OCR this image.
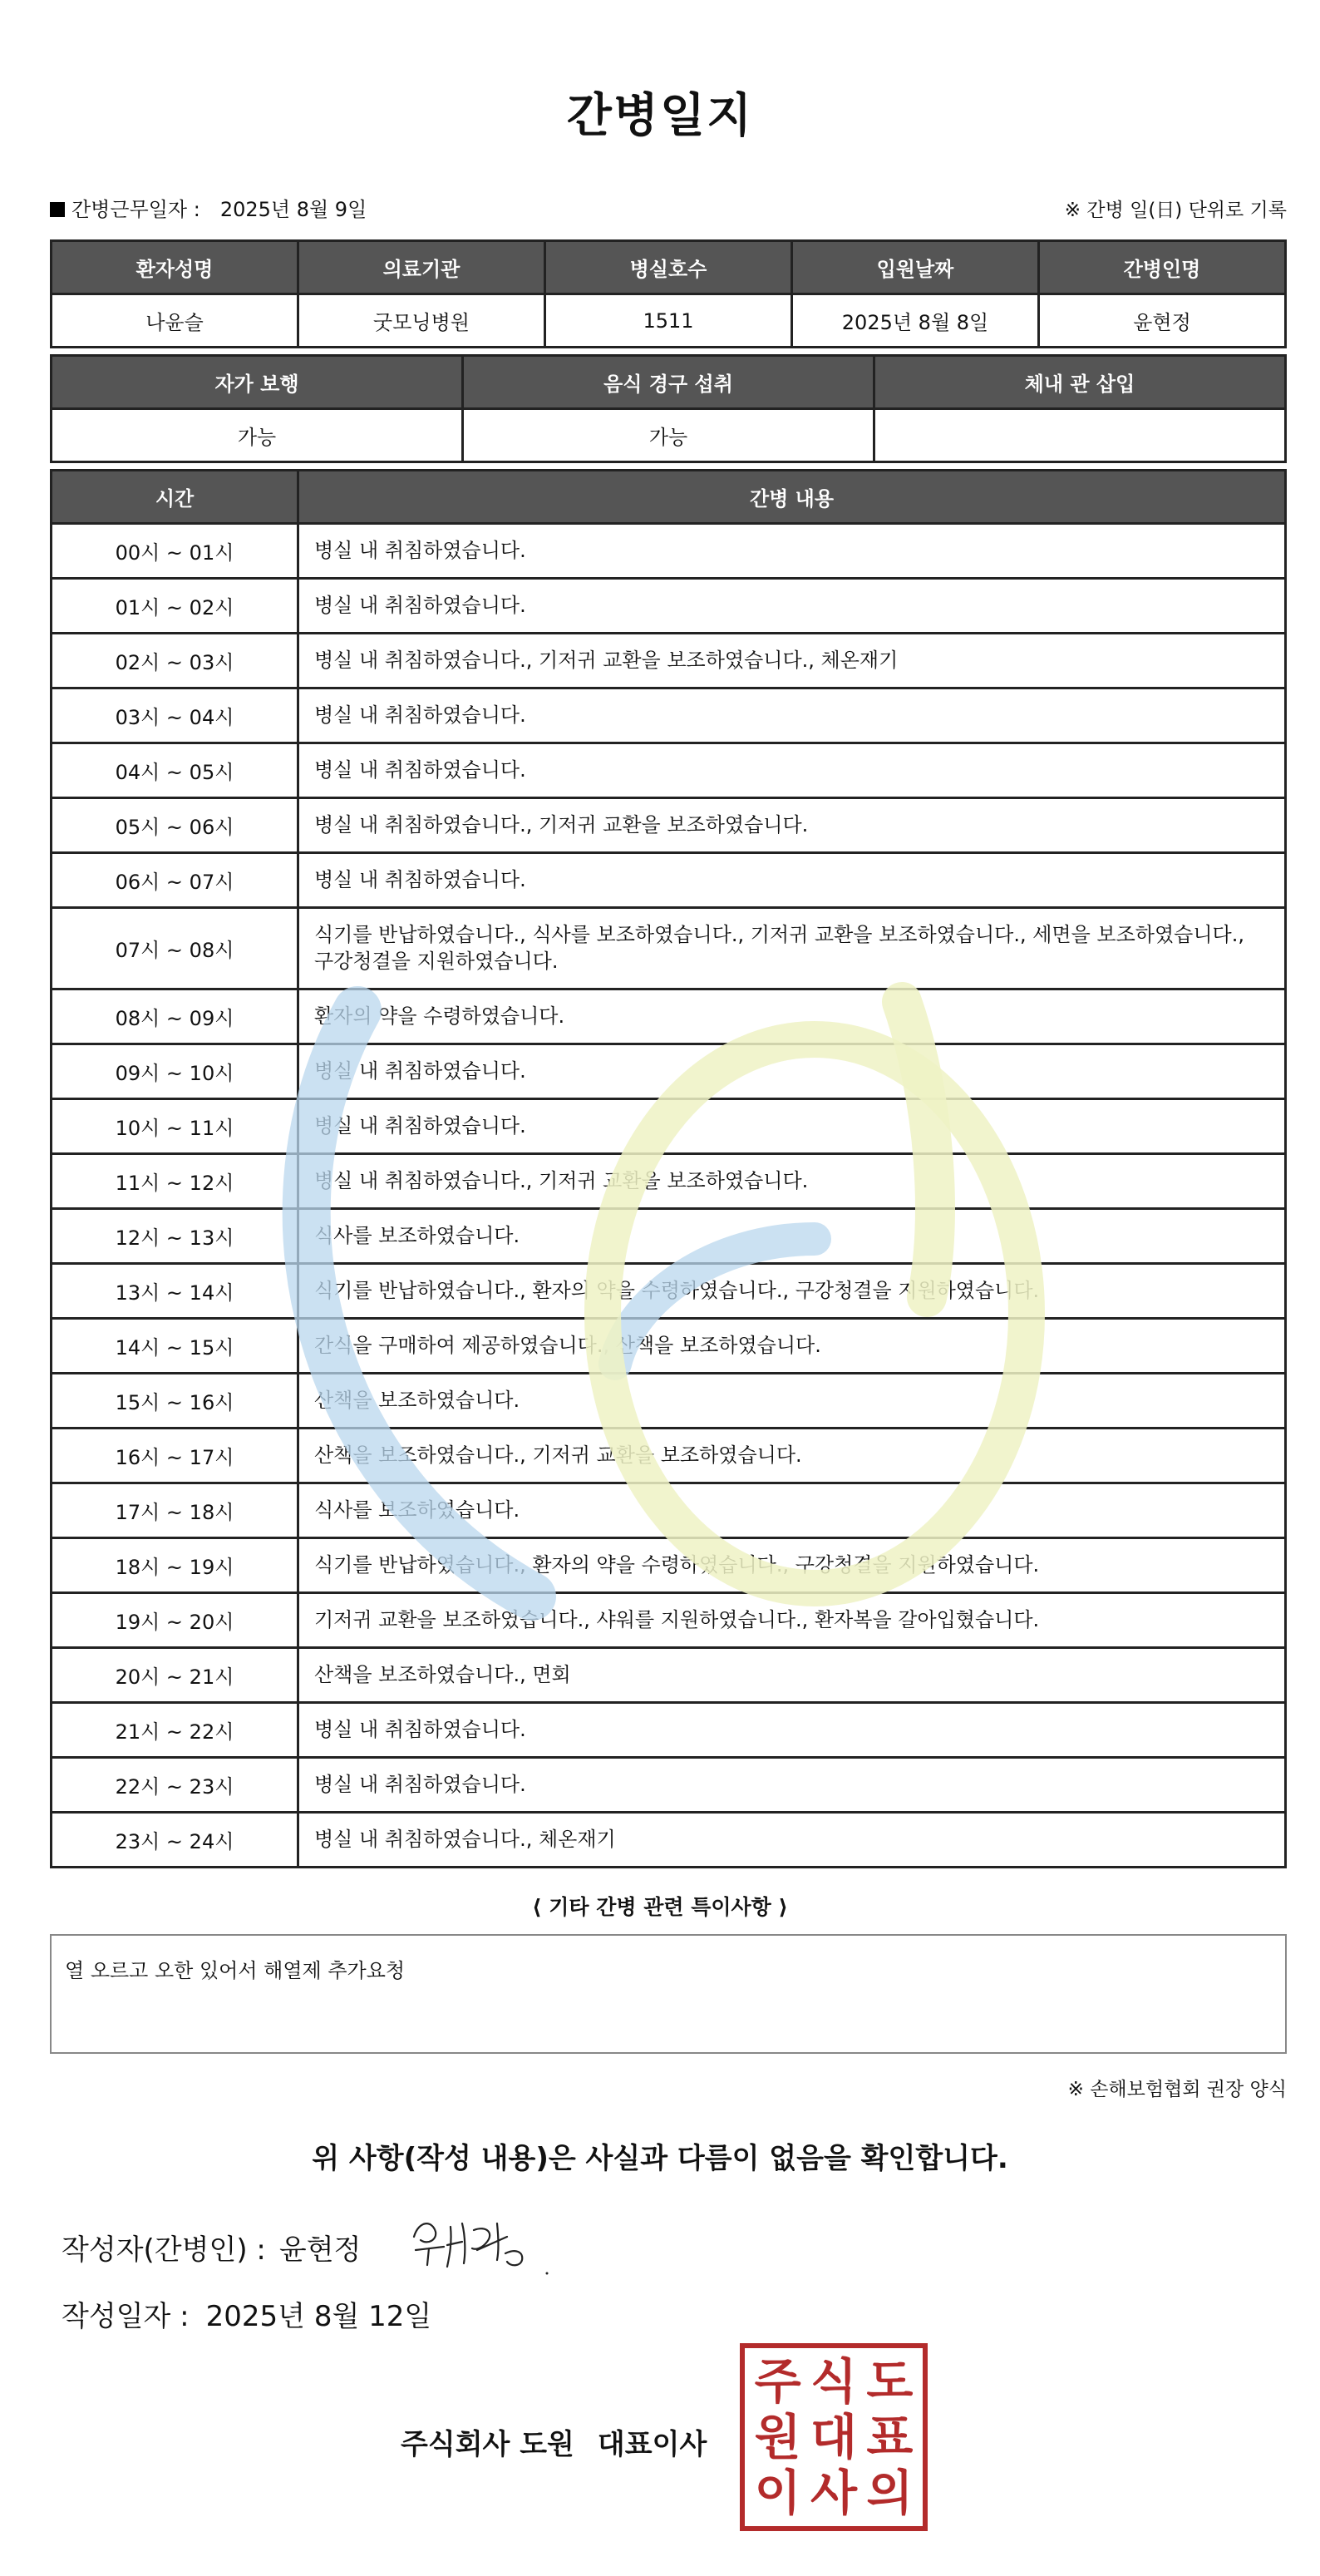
간병일지
간병근무일자 : 2025년 8월 9일	※ 간병 일(日) 단위로 기록
환자성명	의료기관	병실호수	입원날짜	간병인명
나윤슬	굿모닝병원	1511	2025년 8월 8일	윤현정
자가 보행	음식 경구 섭취	체내 관 삽입
가능	가능	
시간	간병 내용
00시 ~ 01시	병실 내 취침하였습니다.
01시 ~ 02시	병실 내 취침하였습니다.
02시 ~ 03시	병실 내 취침하였습니다., 기저귀 교환을 보조하였습니다., 체온재기
03시 ~ 04시	병실 내 취침하였습니다.
04시 ~ 05시	병실 내 취침하였습니다.
05시 ~ 06시	병실 내 취침하였습니다., 기저귀 교환을 보조하였습니다.
06시 ~ 07시	병실 내 취침하였습니다.
07시 ~ 08시	식기를 반납하였습니다., 식사를 보조하였습니다., 기저귀 교환을 보조하였습니다., 세면을 보조하였습니다., 구강청결을 지원하였습니다.
08시 ~ 09시	환자의 약을 수령하였습니다.
09시 ~ 10시	병실 내 취침하였습니다.
10시 ~ 11시	병실 내 취침하였습니다.
11시 ~ 12시	병실 내 취침하였습니다., 기저귀 교환을 보조하였습니다.
12시 ~ 13시	식사를 보조하였습니다.
13시 ~ 14시	식기를 반납하였습니다., 환자의 약을 수령하였습니다., 구강청결을 지원하였습니다.
14시 ~ 15시	간식을 구매하여 제공하였습니다., 산책을 보조하였습니다.
15시 ~ 16시	산책을 보조하였습니다.
16시 ~ 17시	산책을 보조하였습니다., 기저귀 교환을 보조하였습니다.
17시 ~ 18시	식사를 보조하였습니다.
18시 ~ 19시	식기를 반납하였습니다., 환자의 약을 수령하였습니다., 구강청결을 지원하였습니다.
19시 ~ 20시	기저귀 교환을 보조하였습니다., 샤워를 지원하였습니다., 환자복을 갈아입혔습니다.
20시 ~ 21시	산책을 보조하였습니다., 면회
21시 ~ 22시	병실 내 취침하였습니다.
22시 ~ 23시	병실 내 취침하였습니다.
23시 ~ 24시	병실 내 취침하였습니다., 체온재기
⟨ 기타 간병 관련 특이사항 ⟩
열 오르고 오한 있어서 해열제 추가요청
※ 손해보험협회 권장 양식
위 사항(작성 내용)은 사실과 다름이 없음을 확인합니다.
작성자(간병인) : 윤현정
작성일자 : 2025년 8월 12일
주식회사 도원 대표이사
주 식 도
원 대 표
이 사 의
